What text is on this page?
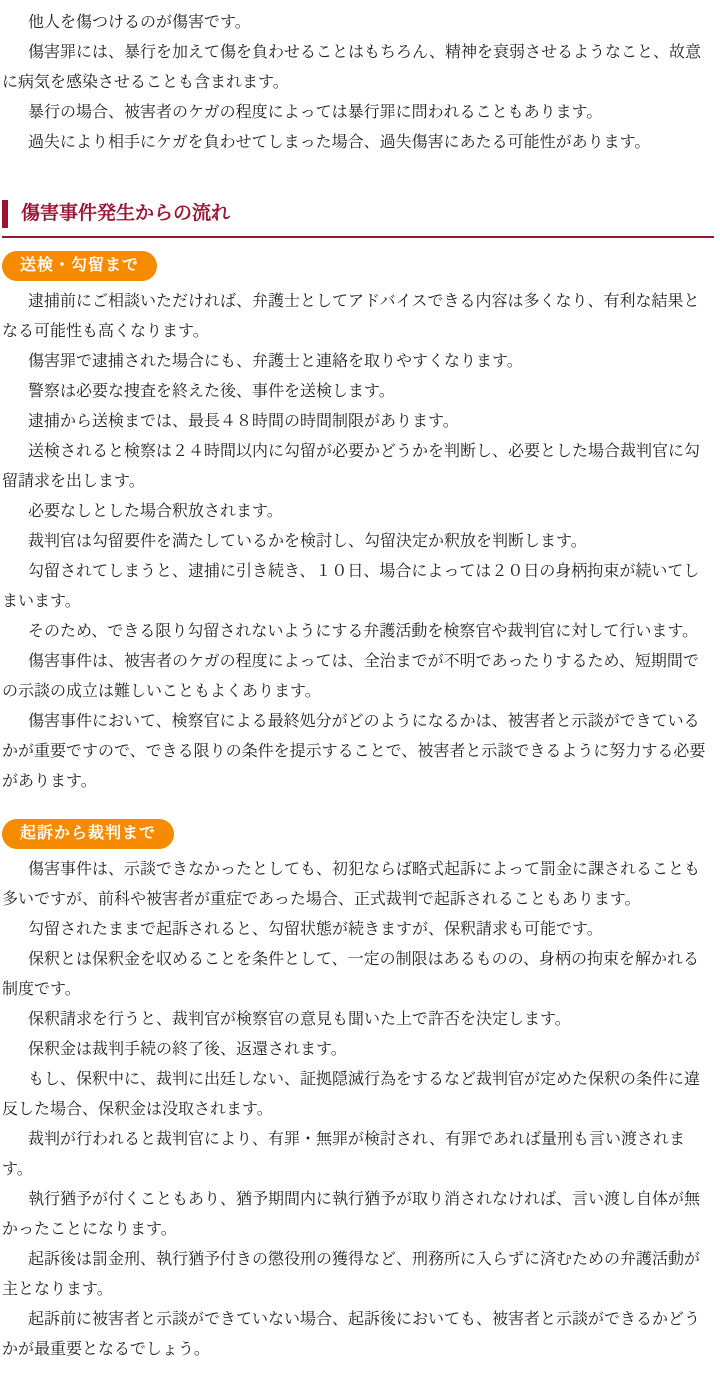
他人を傷つけるのが傷害です。

傷害罪には、暴行を加えて傷を負わせることはもちろん、精神を衰弱させるようなこと、故意に病気を感染させることも含まれます。

暴行の場合、被害者のケガの程度によっては暴行罪に問われることもあります。

過失により相手にケガを負わせてしまった場合、過失傷害にあたる可能性があります。

傷害事件発生からの流れ
送検・勾留まで

逮捕前にご相談いただければ、弁護士としてアドバイスできる内容は多くなり、有利な結果となる可能性も高くなります。

傷害罪で逮捕された場合にも、弁護士と連絡を取りやすくなります。

警察は必要な捜査を終えた後、事件を送検します。

逮捕から送検までは、最長４８時間の時間制限があります。

送検されると検察は２４時間以内に勾留が必要かどうかを判断し、必要とした場合裁判官に勾留請求を出します。

必要なしとした場合釈放されます。

裁判官は勾留要件を満たしているかを検討し、勾留決定か釈放を判断します。

勾留されてしまうと、逮捕に引き続き、１０日、場合によっては２０日の身柄拘束が続いてしまいます。

そのため、できる限り勾留されないようにする弁護活動を検察官や裁判官に対して行います。

傷害事件は、被害者のケガの程度によっては、全治までが不明であったりするため、短期間での示談の成立は難しいこともよくあります。

傷害事件において、検察官による最終処分がどのようになるかは、被害者と示談ができているかが重要ですので、できる限りの条件を提示することで、被害者と示談できるように努力する必要があります。

起訴から裁判まで

傷害事件は、示談できなかったとしても、初犯ならば略式起訴によって罰金に課されることも多いですが、前科や被害者が重症であった場合、正式裁判で起訴されることもあります。

勾留されたままで起訴されると、勾留状態が続きますが、保釈請求も可能です。

保釈とは保釈金を収めることを条件として、一定の制限はあるものの、身柄の拘束を解かれる制度です。

保釈請求を行うと、裁判官が検察官の意見も聞いた上で許否を決定します。

保釈金は裁判手続の終了後、返還されます。

もし、保釈中に、裁判に出廷しない、証拠隠滅行為をするなど裁判官が定めた保釈の条件に違反した場合、保釈金は没取されます。

裁判が行われると裁判官により、有罪・無罪が検討され、有罪であれば量刑も言い渡されます。

執行猶予が付くこともあり、猶予期間内に執行猶予が取り消されなければ、言い渡し自体が無かったことになります。

起訴後は罰金刑、執行猶予付きの懲役刑の獲得など、刑務所に入らずに済むための弁護活動が主となります。

起訴前に被害者と示談ができていない場合、起訴後においても、被害者と示談ができるかどうかが最重要となるでしょう。
